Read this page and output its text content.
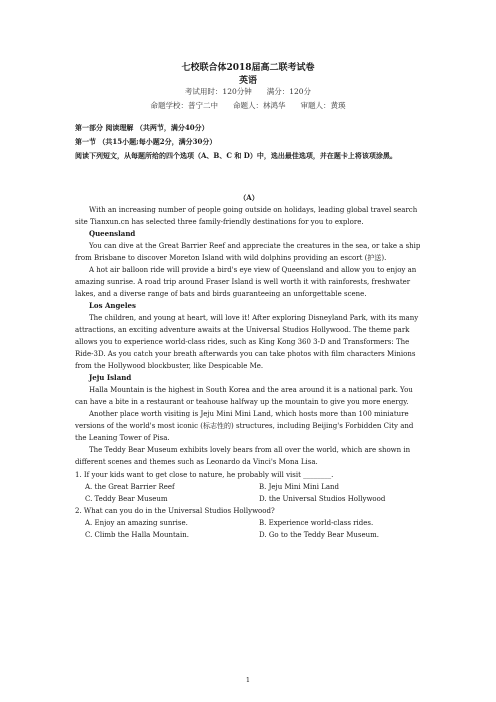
七校联合体2018届高二联考试卷
英语
考试用时：120分钟　　满分：120分
命题学校：普宁二中　　命题人：林鸿华　　审题人：黄瑛
第一部分 阅读理解 （共两节，满分40分）
第一节 （共15小题;每小题2分，满分30分）
阅读下列短文，从每题所给的四个选项（A、B、C 和 D）中，选出最佳选项，并在题卡上将该项涂黑。
（A）
With an increasing number of people going outside on holidays, leading global travel search site Tianxun.cn has selected three family-friendly destinations for you to explore.
Queensland
You can dive at the Great Barrier Reef and appreciate the creatures in the sea, or take a ship from Brisbane to discover Moreton Island with wild dolphins providing an escort (护送).
A hot air balloon ride will provide a bird's eye view of Queensland and allow you to enjoy an amazing sunrise. A road trip around Fraser Island is well worth it with rainforests, freshwater lakes, and a diverse range of bats and birds guaranteeing an unforgettable scene.
Los Angeles
The children, and young at heart, will love it! After exploring Disneyland Park, with its many attractions, an exciting adventure awaits at the Universal Studios Hollywood. The theme park allows you to experience world-class rides, such as King Kong 360 3-D and Transformers: The Ride-3D. As you catch your breath afterwards you can take photos with film characters Minions from the Hollywood blockbuster, like Despicable Me.
Jeju Island
Halla Mountain is the highest in South Korea and the area around it is a national park. You can have a bite in a restaurant or teahouse halfway up the mountain to give you more energy.
Another place worth visiting is Jeju Mini Mini Land, which hosts more than 100 miniature versions of the world's most iconic (标志性的) structures, including Beijing's Forbidden City and the Leaning Tower of Pisa.
The Teddy Bear Museum exhibits lovely bears from all over the world, which are shown in different scenes and themes such as Leonardo da Vinci's Mona Lisa.
1. If your kids want to get close to nature, he probably will visit ________.
A. the Great Barrier Reef	B. Jeju Mini Mini Land
C. Teddy Bear Museum	D. the Universal Studios Hollywood
2. What can you do in the Universal Studios Hollywood?
A. Enjoy an amazing sunrise.	B. Experience world-class rides.
C. Climb the Halla Mountain.	D. Go to the Teddy Bear Museum.
1
